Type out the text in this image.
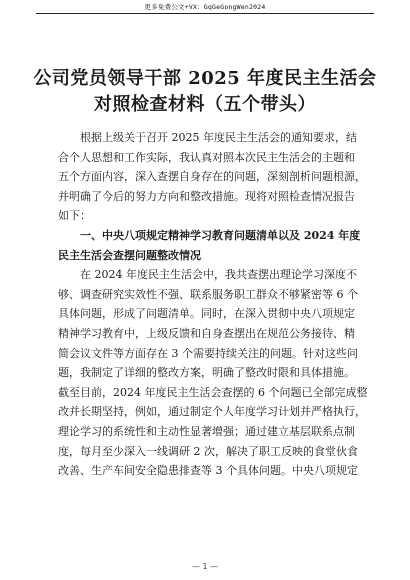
更多免费公文+VX：GqGeGongWen2024
公司党员领导干部 2025 年度民主生活会
对照检查材料（五个带头）

根据上级关于召开 2025 年度民主生活会的通知要求，结

合个人思想和工作实际，我认真对照本次民主生活会的主题和

五个方面内容，深入查摆自身存在的问题，深刻剖析问题根源，

并明确了今后的努力方向和整改措施。现将对照检查情况报告

如下：

一、中央八项规定精神学习教育问题清单以及 2024 年度

民主生活会查摆问题整改情况

在 2024 年度民主生活会中，我共查摆出理论学习深度不

够、调查研究实效性不强、联系服务职工群众不够紧密等 6 个

具体问题，形成了问题清单。同时，在深入贯彻中央八项规定

精神学习教育中，上级反馈和自身查摆出在规范公务接待、精

简会议文件等方面存在 3 个需要持续关注的问题。针对这些问

题，我制定了详细的整改方案，明确了整改时限和具体措施。

截至目前，2024 年度民主生活会查摆的 6 个问题已全部完成整

改并长期坚持，例如，通过制定个人年度学习计划并严格执行，

理论学习的系统性和主动性显著增强；通过建立基层联系点制

度，每月至少深入一线调研 2 次，解决了职工反映的食堂伙食

改善、生产车间安全隐患排查等 3 个具体问题。中央八项规定

— 1 —
